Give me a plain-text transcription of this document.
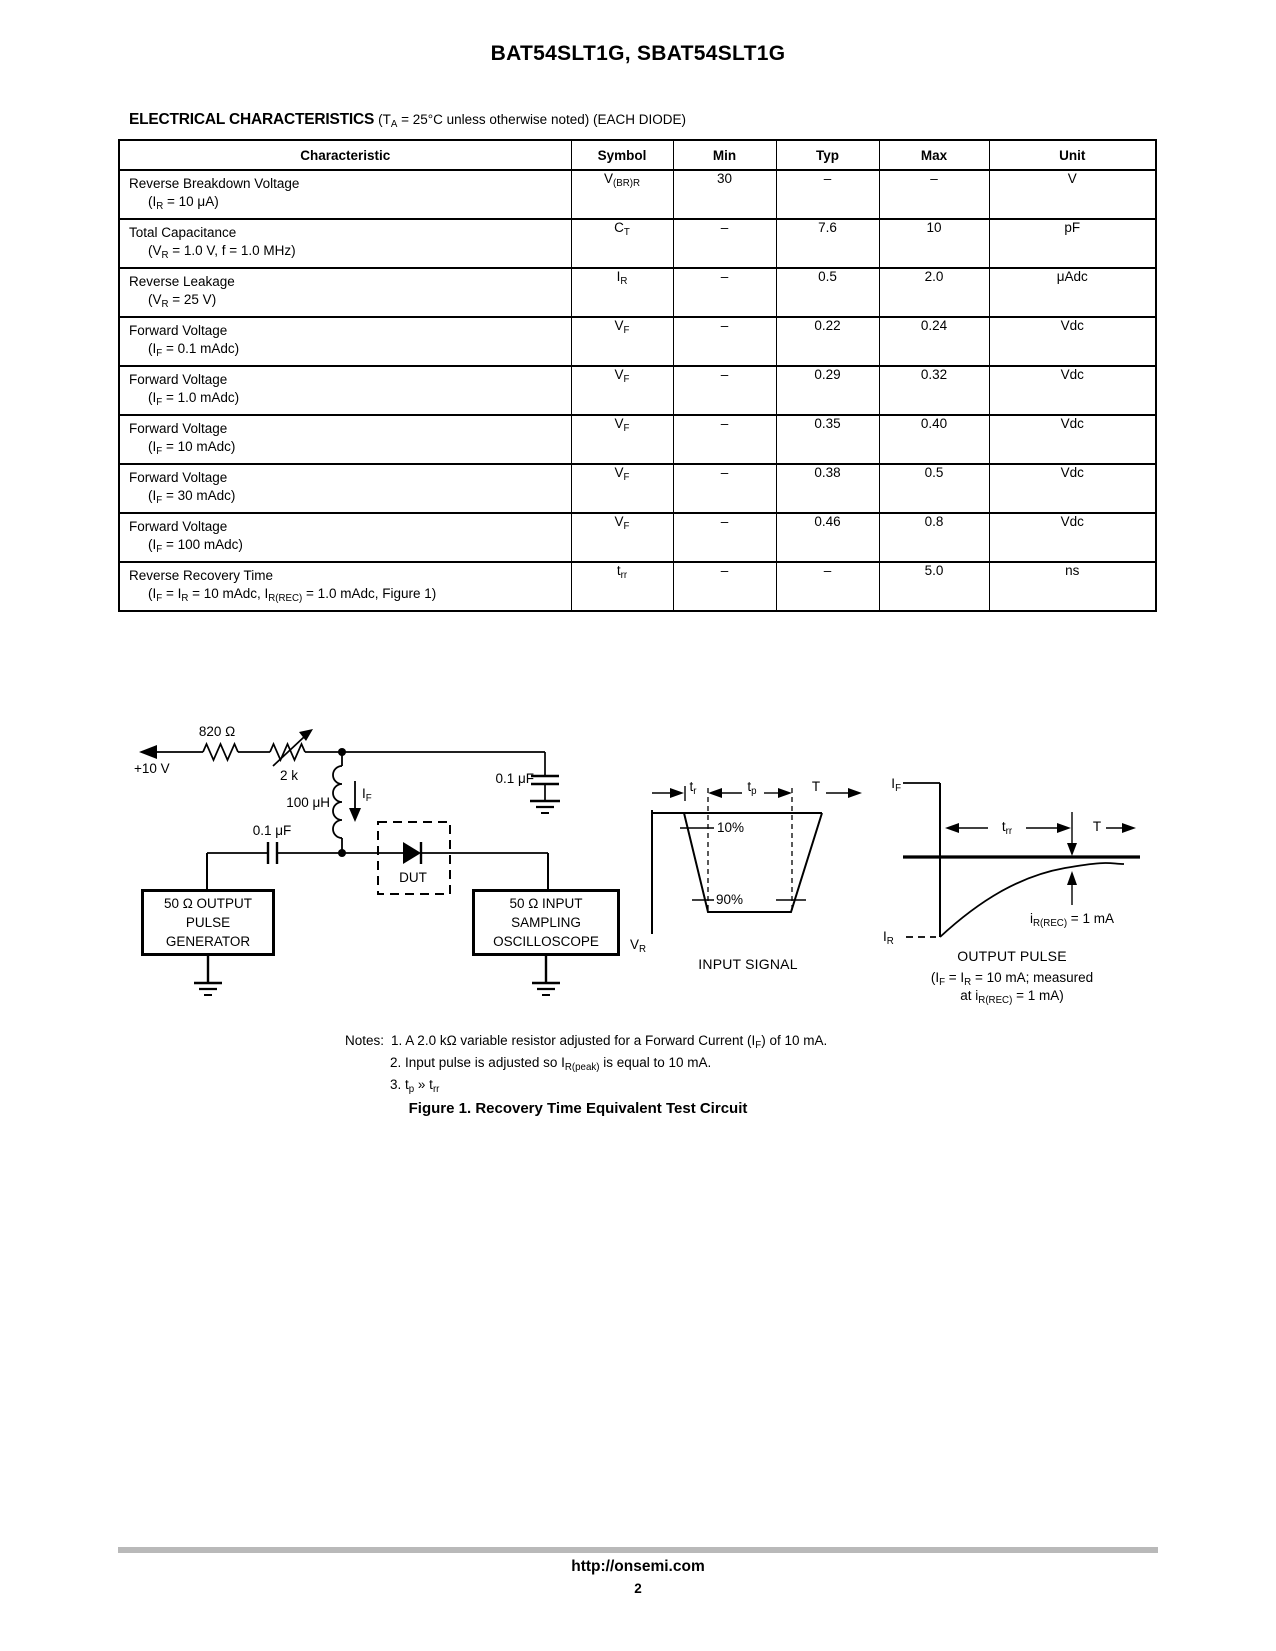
BAT54SLT1G, SBAT54SLT1G
ELECTRICAL CHARACTERISTICS ($T_A = 25^\circ C$ unless otherwise noted) (EACH DIODE)
Characteristic	Symbol	Min	Typ	Max	Unit

Reverse Breakdown Voltage
($I_R = 10$ μA)	$V_{(BR)R}$	30	–	–	V

Total Capacitance
($V_R = 1.0$ V, f = 1.0 MHz)	$C_T$	–	7.6	10	pF

Reverse Leakage
($V_R = 25$ V)	$I_R$	–	0.5	2.0	μAdc

Forward Voltage
($I_F = 0.1$ mAdc)	$V_F$	–	0.22	0.24	Vdc

Forward Voltage
($I_F = 1.0$ mAdc)	$V_F$	–	0.29	0.32	Vdc

Forward Voltage
($I_F = 10$ mAdc)	$V_F$	–	0.35	0.40	Vdc

Forward Voltage
($I_F = 30$ mAdc)	$V_F$	–	0.38	0.5	Vdc

Forward Voltage
($I_F = 100$ mAdc)	$V_F$	–	0.46	0.8	Vdc

Reverse Recovery Time
($I_F = I_R = 10$ mAdc, $I_{R(REC)} = 1.0$ mAdc, Figure 1)	$t_{rr}$	–	–	5.0	ns
+10 V
820 Ω
2 k
100 μH
$I_F$
0.1 μF
0.1 μF
DUT
50 Ω OUTPUT
PULSE
GENERATOR
50 Ω INPUT
SAMPLING
OSCILLOSCOPE $V_R$
$t_r$	$t_p$	T
10%
90%
INPUT SIGNAL
$I_F$
$I_R$
$t_{rr}$	T
$i_{R(REC)} = 1$ mA
OUTPUT PULSE
($I_F = I_R = 10$ mA; measured
at $i_{R(REC)} = 1$ mA)
Notes: 1. A 2.0 kΩ variable resistor adjusted for a Forward Current $(I_F)$ of 10 mA.
2. Input pulse is adjusted so $I_{R(peak)}$ is equal to 10 mA.
3. $t_p$ » $t_{rr}$
Figure 1. Recovery Time Equivalent Test Circuit
http://onsemi.com
2
